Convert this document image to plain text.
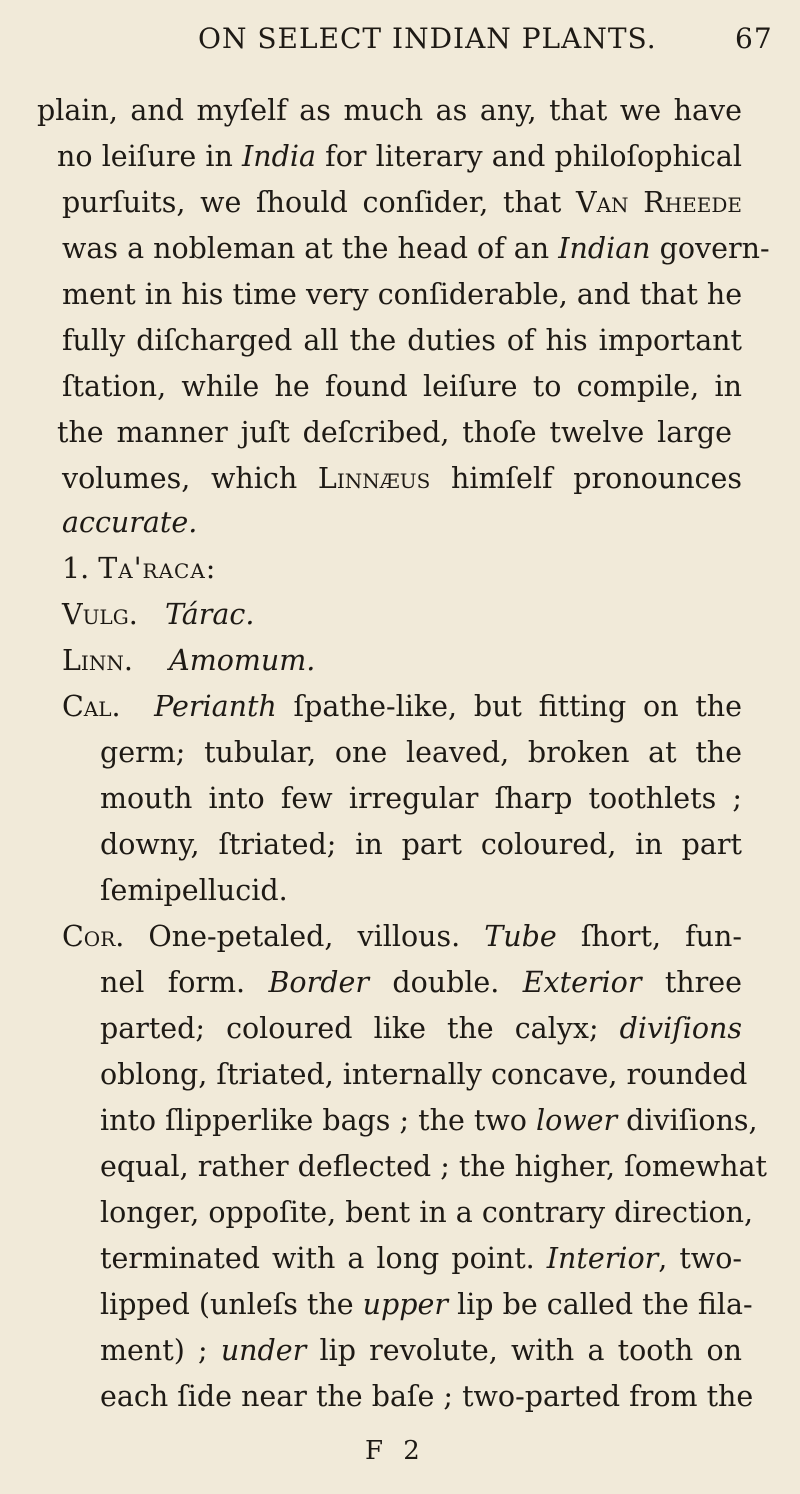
ON SELECT INDIAN PLANTS.	67
plain, and myſelf as much as any, that we have
no leiſure in India for literary and philoſophical
purſuits, we ſhould conſider, that Van Rheede
was a nobleman at the head of an Indian govern-
ment in his time very conſiderable, and that he
fully diſcharged all the duties of his important
ſtation, while he found leiſure to compile, in
the manner juſt deſcribed, thoſe twelve large
volumes, which Linnæus himſelf pronounces
accurate.
1. Ta'raca:
Vulg. Tárac.
Linn. Amomum.
Cal. Perianth ſpathe-like, but fitting on the
germ; tubular, one leaved, broken at the
mouth into few irregular ſharp toothlets ;
downy, ſtriated; in part coloured, in part
ſemipellucid.
Cor. One-petaled, villous. Tube ſhort, fun-
nel form. Border double. Exterior three
parted; coloured like the calyx; diviſions
oblong, ſtriated, internally concave, rounded
into ſlipperlike bags ; the two lower diviſions,
equal, rather deflected ; the higher, ſomewhat
longer, oppoſite, bent in a contrary direction,
terminated with a long point. Interior, two-
lipped (unleſs the upper lip be called the fila-
ment) ; under lip revolute, with a tooth on
each ſide near the baſe ; two-parted from the
F 2
